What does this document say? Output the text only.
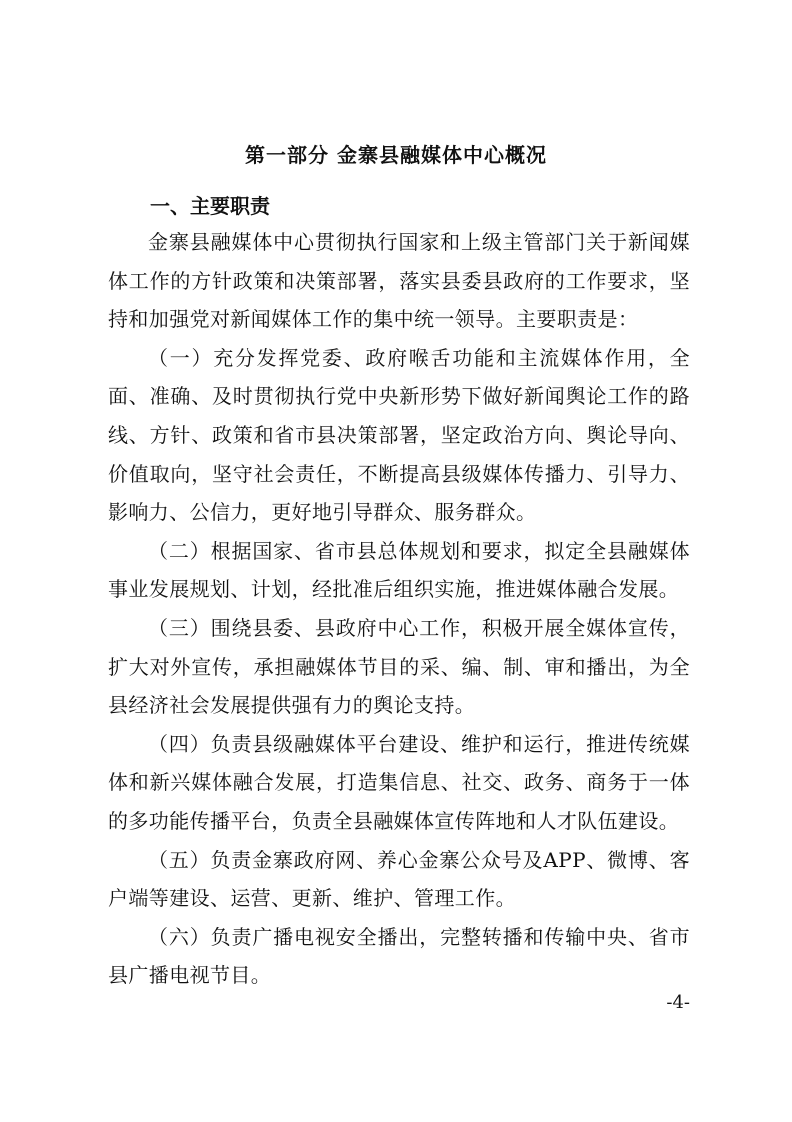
第一部分 金寨县融媒体中心概况
一、主要职责

金寨县融媒体中心贯彻执行国家和上级主管部门关于新闻媒体工作的方针政策和决策部署，落实县委县政府的工作要求，坚持和加强党对新闻媒体工作的集中统一领导。主要职责是：

（一）充分发挥党委、政府喉舌功能和主流媒体作用，全面、准确、及时贯彻执行党中央新形势下做好新闻舆论工作的路线、方针、政策和省市县决策部署，坚定政治方向、舆论导向、价值取向，坚守社会责任，不断提高县级媒体传播力、引导力、影响力、公信力，更好地引导群众、服务群众。

（二）根据国家、省市县总体规划和要求，拟定全县融媒体事业发展规划、计划，经批准后组织实施，推进媒体融合发展。

（三）围绕县委、县政府中心工作，积极开展全媒体宣传，扩大对外宣传，承担融媒体节目的采、编、制、审和播出，为全县经济社会发展提供强有力的舆论支持。

（四）负责县级融媒体平台建设、维护和运行，推进传统媒体和新兴媒体融合发展，打造集信息、社交、政务、商务于一体的多功能传播平台，负责全县融媒体宣传阵地和人才队伍建设。

（五）负责金寨政府网、养心金寨公众号及APP、微博、客户端等建设、运营、更新、维护、管理工作。

（六）负责广播电视安全播出，完整转播和传输中央、省市县广播电视节目。

-4-
